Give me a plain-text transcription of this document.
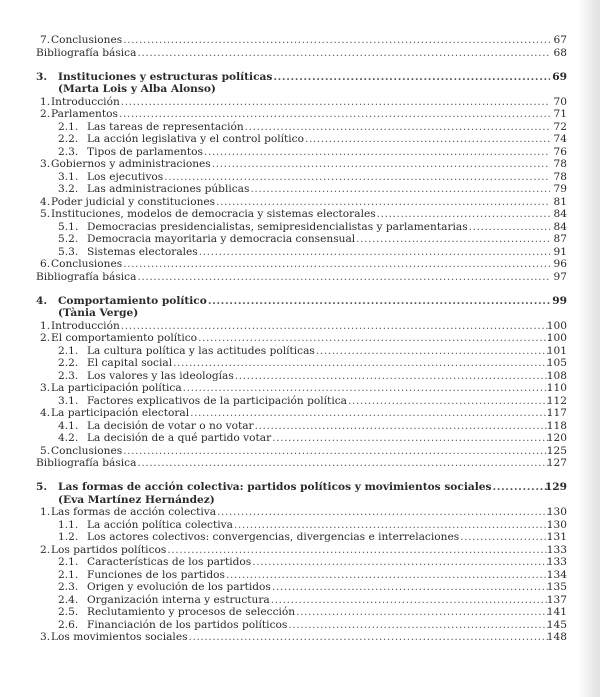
7. Conclusiones .....	67
Bibliografía básica .....	68
3. Instituciones y estructuras políticas .....	69
(Marta Lois y Alba Alonso)
1. Introducción .....	70
2. Parlamentos .....	71
2.1. Las tareas de representación .....	72
2.2. La acción legislativa y el control político .....	74
2.3. Tipos de parlamentos .....	76
3. Gobiernos y administraciones .....	78
3.1. Los ejecutivos .....	78
3.2. Las administraciones públicas .....	79
4. Poder judicial y constituciones .....	81
5. Instituciones, modelos de democracia y sistemas electorales .....	84
5.1. Democracias presidencialistas, semipresidencialistas y parlamentarias .....	84
5.2. Democracia mayoritaria y democracia consensual .....	87
5.3. Sistemas electorales .....	91
6. Conclusiones .....	96
Bibliografía básica .....	97
4. Comportamiento político .....	99
(Tània Verge)
1. Introducción .....	100
2. El comportamiento político .....	100
2.1. La cultura política y las actitudes políticas .....	101
2.2. El capital social .....	105
2.3. Los valores y las ideologías .....	108
3. La participación política .....	110
3.1. Factores explicativos de la participación política .....	112
4. La participación electoral .....	117
4.1. La decisión de votar o no votar .....	118
4.2. La decisión de a qué partido votar .....	120
5. Conclusiones .....	125
Bibliografía básica .....	127
5. Las formas de acción colectiva: partidos políticos y movimientos sociales .....	129
(Eva Martínez Hernández)
1. Las formas de acción colectiva .....	130
1.1. La acción política colectiva .....	130
1.2. Los actores colectivos: convergencias, divergencias e interrelaciones .....	131
2. Los partidos políticos .....	133
2.1. Características de los partidos .....	133
2.1. Funciones de los partidos .....	134
2.3. Origen y evolución de los partidos .....	135
2.4. Organización interna y estructura .....	137
2.5. Reclutamiento y procesos de selección .....	141
2.6. Financiación de los partidos políticos .....	145
3. Los movimientos sociales .....	148
